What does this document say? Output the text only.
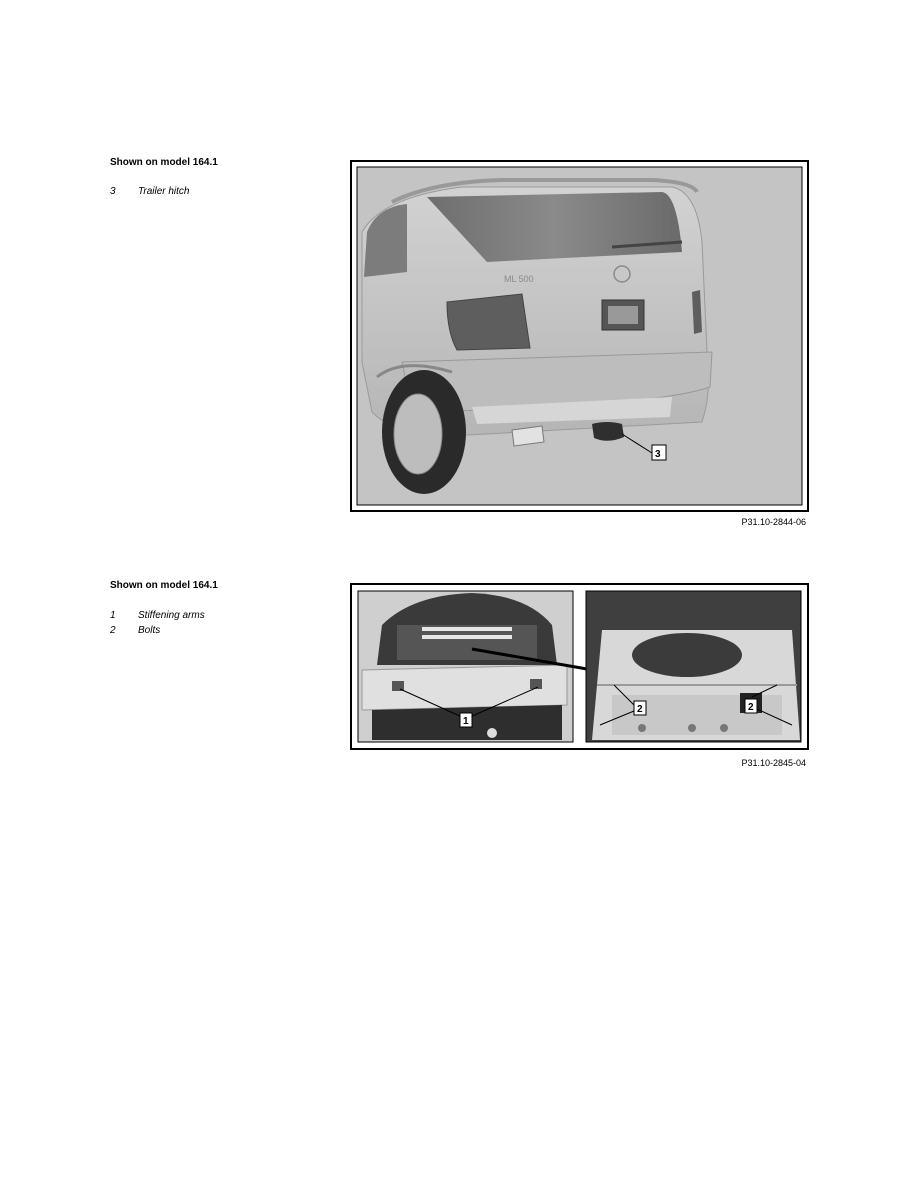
Shown on model 164.1
3 Trailer hitch
ML 500
3
P31.10-2844-06
Shown on model 164.1
1 Stiffening arms
2 Bolts
1
2	2
P31.10-2845-04
